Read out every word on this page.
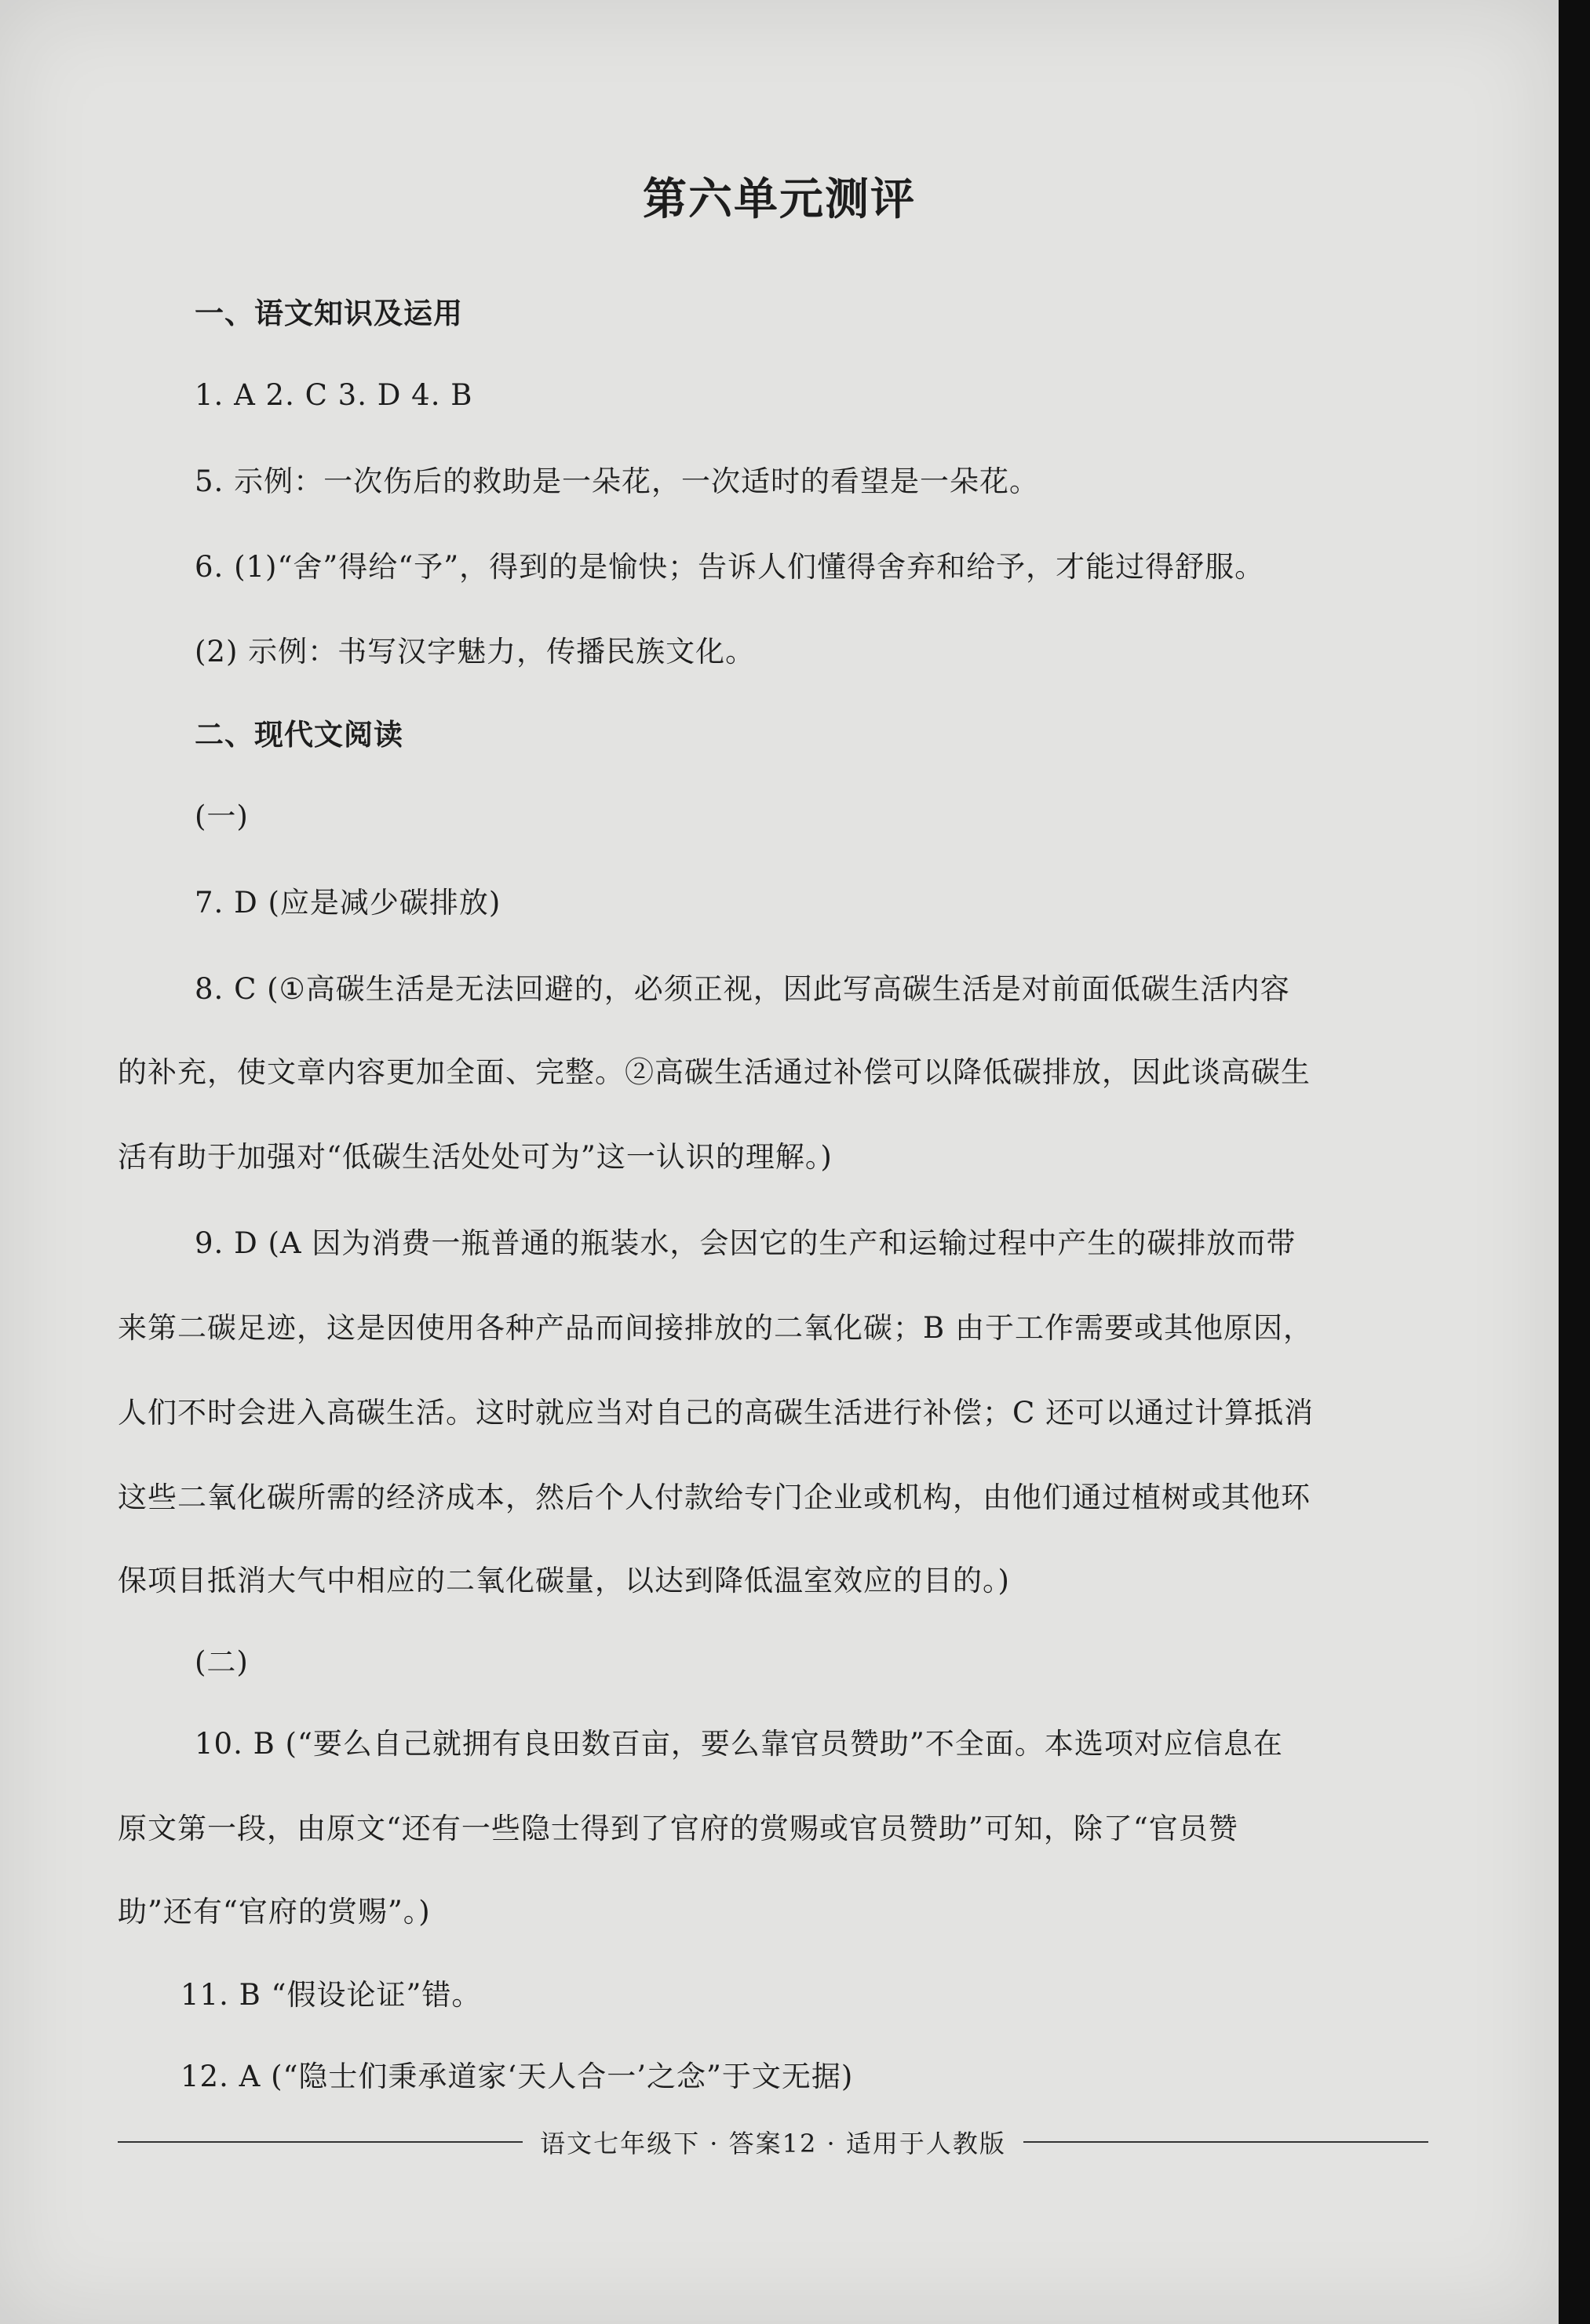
第六单元测评
一、语文知识及运用
1. A 2. C 3. D 4. B
5. 示例：一次伤后的救助是一朵花，一次适时的看望是一朵花。
6. (1)“舍”得给“予”，得到的是愉快；告诉人们懂得舍弃和给予，才能过得舒服。
(2) 示例：书写汉字魅力，传播民族文化。
二、现代文阅读
(一)
7. D (应是减少碳排放)
8. C (①高碳生活是无法回避的，必须正视，因此写高碳生活是对前面低碳生活内容
的补充，使文章内容更加全面、完整。②高碳生活通过补偿可以降低碳排放，因此谈高碳生
活有助于加强对“低碳生活处处可为”这一认识的理解。)
9. D (A 因为消费一瓶普通的瓶装水，会因它的生产和运输过程中产生的碳排放而带
来第二碳足迹，这是因使用各种产品而间接排放的二氧化碳；B 由于工作需要或其他原因，
人们不时会进入高碳生活。这时就应当对自己的高碳生活进行补偿；C 还可以通过计算抵消
这些二氧化碳所需的经济成本，然后个人付款给专门企业或机构，由他们通过植树或其他环
保项目抵消大气中相应的二氧化碳量，以达到降低温室效应的目的。)
(二)
10. B (“要么自己就拥有良田数百亩，要么靠官员赞助”不全面。本选项对应信息在
原文第一段，由原文“还有一些隐士得到了官府的赏赐或官员赞助”可知，除了“官员赞
助”还有“官府的赏赐”。)
11. B “假设论证”错。
12. A (“隐士们秉承道家‘天人合一’之念”于文无据)
语文七年级下 · 答案12 · 适用于人教版
